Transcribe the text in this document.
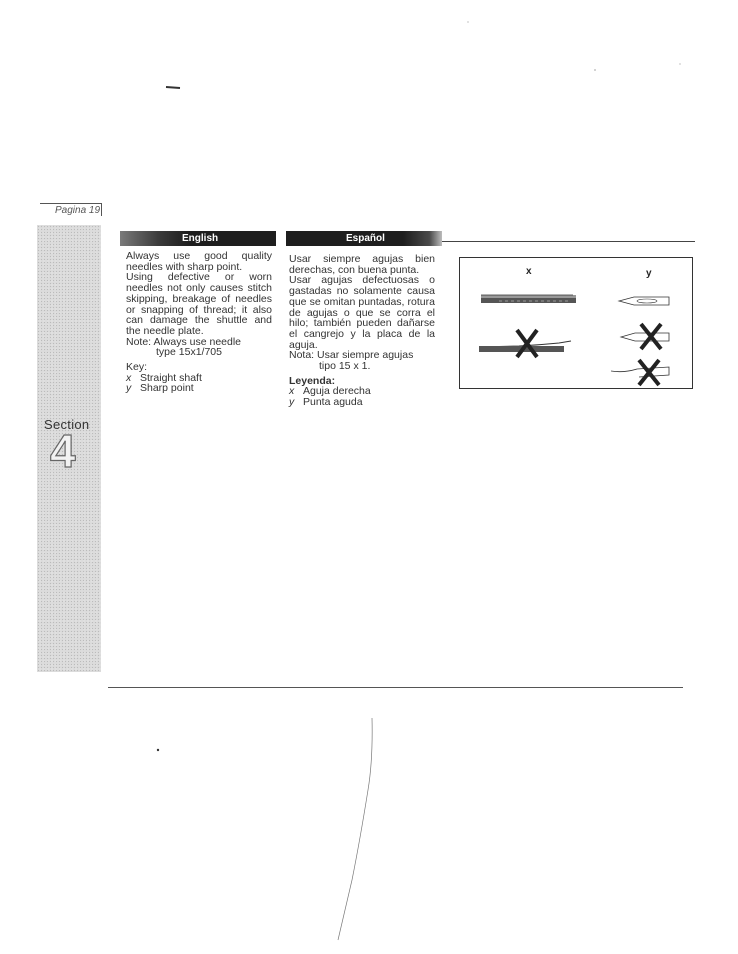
Pagina 19
Section
4
English	Español

Always use good quality needles with sharp point.

Using defective or worn needles not only causes stitch skipping, breakage of needles or snapping of thread; it also can damage the shuttle and the needle plate.

Note: Always use needle
type 15x1/705
Key:
x Straight shaft
y Sharp point

Usar siempre agujas bien derechas, con buena punta.

Usar agujas defectuosas o gastadas no solamente causa que se omitan puntadas, rotura de agujas o que se corra el hilo; también pueden dañarse el cangrejo y la placa de la aguja.

Nota: Usar siempre agujas
tipo 15 x 1.
Leyenda:
x Aguja derecha
y Punta aguda
x	y
